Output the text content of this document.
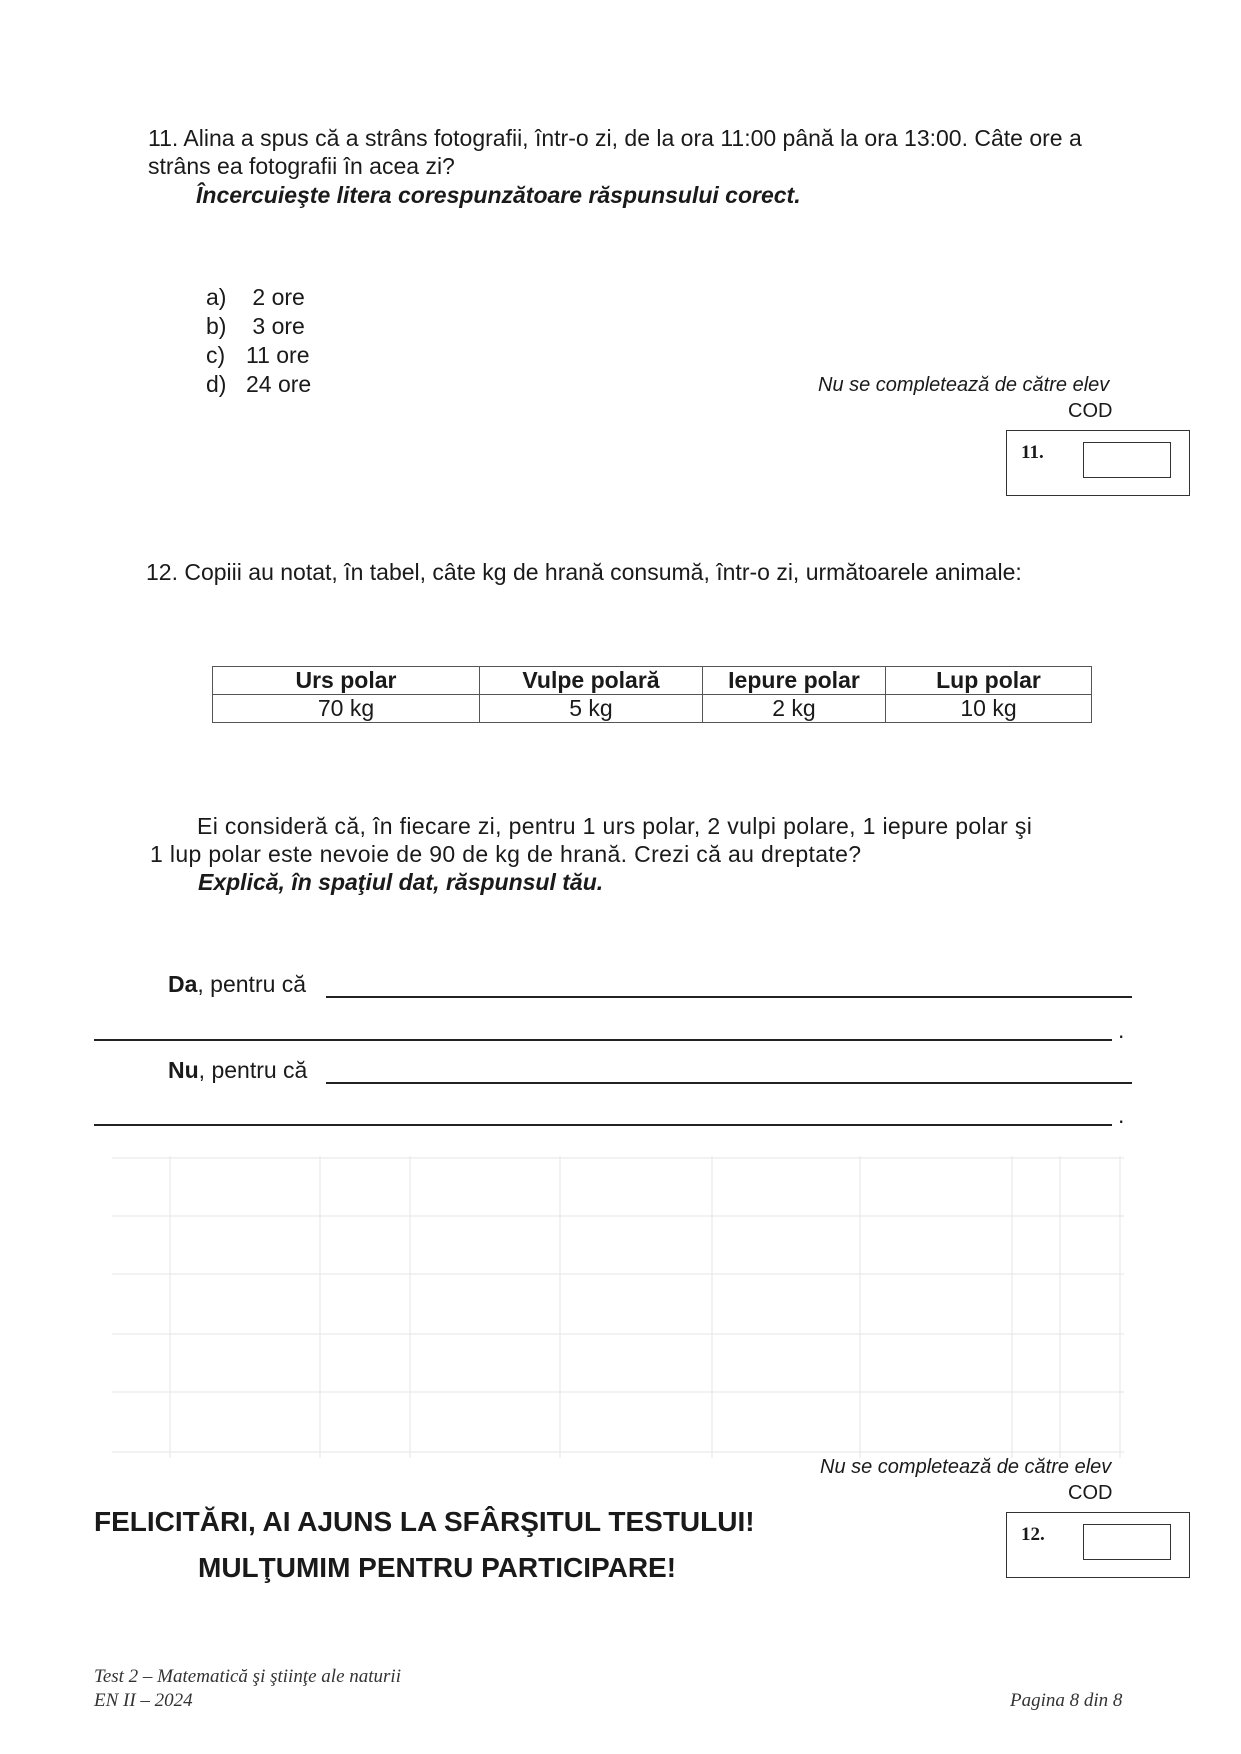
11. Alina a spus că a strâns fotografii, într-o zi, de la ora 11:00 până la ora 13:00. Câte ore a
strâns ea fotografii în acea zi?
Încercuieşte litera corespunzătoare răspunsului corect.
a) 2 ore
b) 3 ore
c) 11 ore
d) 24 ore	Nu se completează de către elev
COD
11.
12. Copiii au notat, în tabel, câte kg de hrană consumă, într-o zi, următoarele animale:
Urs polar	Vulpe polară	Iepure polar	Lup polar
70 kg	5 kg	2 kg	10 kg
Ei consideră că, în fiecare zi, pentru 1 urs polar, 2 vulpi polare, 1 iepure polar şi
1 lup polar este nevoie de 90 de kg de hrană. Crezi că au dreptate?
Explică, în spaţiul dat, răspunsul tău.
Da, pentru că
.
Nu, pentru că
.
Nu se completează de către elev
COD
12.
FELICITĂRI, AI AJUNS LA SFÂRŞITUL TESTULUI!
MULŢUMIM PENTRU PARTICIPARE!
Test 2 – Matematică şi ştiinţe ale naturii
EN II – 2024	Pagina 8 din 8
